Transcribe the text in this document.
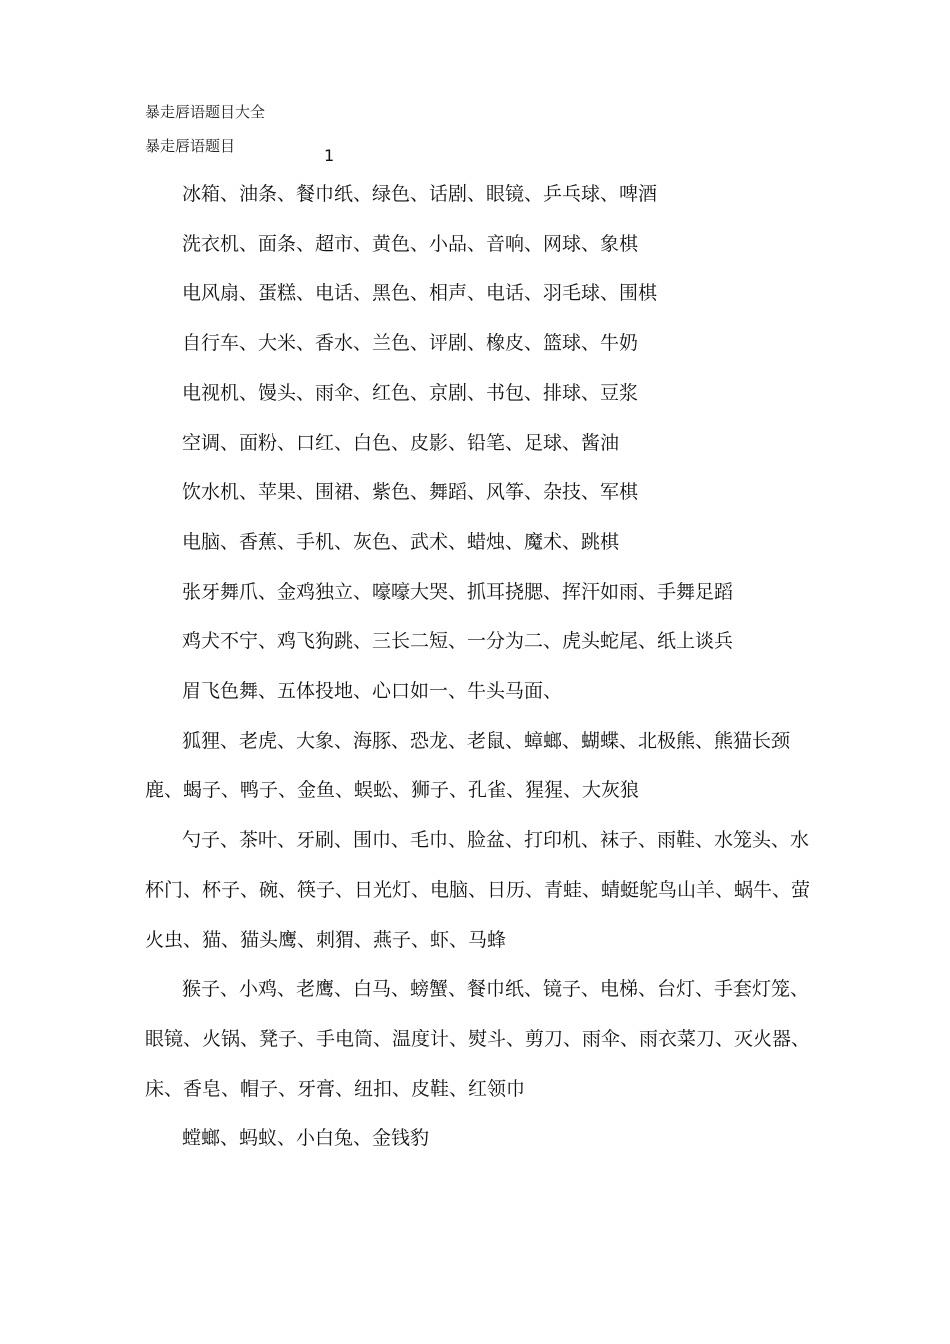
暴走唇语题目大全
暴走唇语题目	1

冰箱、油条、餐巾纸、绿色、话剧、眼镜、乒乓球、啤酒

洗衣机、面条、超市、黄色、小品、音响、网球、象棋

电风扇、蛋糕、电话、黑色、相声、电话、羽毛球、围棋

自行车、大米、香水、兰色、评剧、橡皮、篮球、牛奶

电视机、馒头、雨伞、红色、京剧、书包、排球、豆浆

空调、面粉、口红、白色、皮影、铅笔、足球、酱油

饮水机、苹果、围裙、紫色、舞蹈、风筝、杂技、军棋

电脑、香蕉、手机、灰色、武术、蜡烛、魔术、跳棋

张牙舞爪、金鸡独立、嚎嚎大哭、抓耳挠腮、挥汗如雨、手舞足蹈

鸡犬不宁、鸡飞狗跳、三长二短、一分为二、虎头蛇尾、纸上谈兵

眉飞色舞、五体投地、心口如一、牛头马面、

狐狸、老虎、大象、海豚、恐龙、老鼠、蟑螂、蝴蝶、北极熊、熊猫长颈鹿、蝎子、鸭子、金鱼、蜈蚣、狮子、孔雀、猩猩、大灰狼

勺子、茶叶、牙刷、围巾、毛巾、脸盆、打印机、袜子、雨鞋、水笼头、水杯门、杯子、碗、筷子、日光灯、电脑、日历、青蛙、蜻蜓鸵鸟山羊、蜗牛、萤火虫、猫、猫头鹰、刺猬、燕子、虾、马蜂

猴子、小鸡、老鹰、白马、螃蟹、餐巾纸、镜子、电梯、台灯、手套灯笼、眼镜、火锅、凳子、手电筒、温度计、熨斗、剪刀、雨伞、雨衣菜刀、灭火器、床、香皂、帽子、牙膏、纽扣、皮鞋、红领巾

螳螂、蚂蚁、小白兔、金钱豹
